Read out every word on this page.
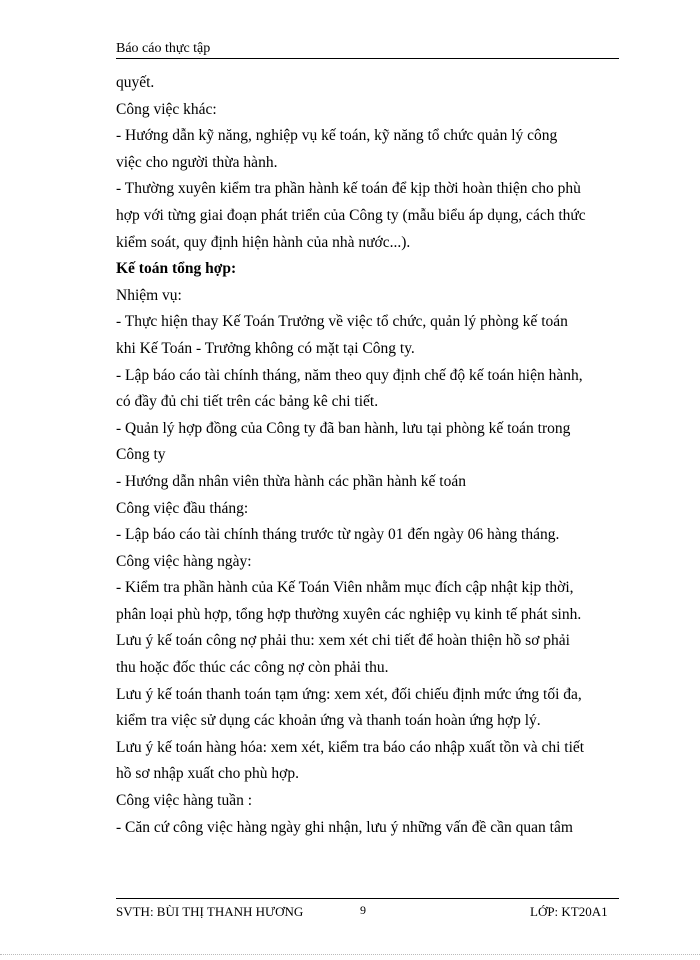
Báo cáo thực tập
quyết.
Công việc khác:
- Hướng dẫn kỹ năng, nghiệp vụ kế toán, kỹ năng tổ chức quản lý công
việc cho người thừa hành.
- Thường xuyên kiểm tra phần hành kế toán để kịp thời hoàn thiện cho phù
hợp với từng giai đoạn phát triển của Công ty (mẫu biểu áp dụng, cách thức
kiểm soát, quy định hiện hành của nhà nước...).
Kế toán tổng hợp:
Nhiệm vụ:
- Thực hiện thay Kế Toán Trưởng về việc tổ chức, quản lý phòng kế toán
khi Kế Toán - Trưởng không có mặt tại Công ty.
- Lập báo cáo tài chính tháng, năm theo quy định chế độ kế toán hiện hành,
có đầy đủ chi tiết trên các bảng kê chi tiết.
- Quản lý hợp đồng của Công ty đã ban hành, lưu tại phòng kế toán trong
Công ty
- Hướng dẫn nhân viên thừa hành các phần hành kế toán
Công việc đầu tháng:
- Lập báo cáo tài chính tháng trước từ ngày 01 đến ngày 06 hàng tháng.
Công việc hàng ngày:
- Kiểm tra phần hành của Kế Toán Viên nhằm mục đích cập nhật kịp thời,
phân loại phù hợp, tổng hợp thường xuyên các nghiệp vụ kinh tế phát sinh.
Lưu ý kế toán công nợ phải thu: xem xét chi tiết để hoàn thiện hồ sơ phải
thu hoặc đốc thúc các công nợ còn phải thu.
Lưu ý kế toán thanh toán tạm ứng: xem xét, đối chiếu định mức ứng tối đa,
kiểm tra việc sử dụng các khoản ứng và thanh toán hoàn ứng hợp lý.
Lưu ý kế toán hàng hóa: xem xét, kiểm tra báo cáo nhập xuất tồn và chi tiết
hồ sơ nhập xuất cho phù hợp.
Công việc hàng tuần :
- Căn cứ công việc hàng ngày ghi nhận, lưu ý những vấn đề cần quan tâm
SVTH: BÙI THỊ THANH HƯƠNG	9	LỚP: KT20A1
